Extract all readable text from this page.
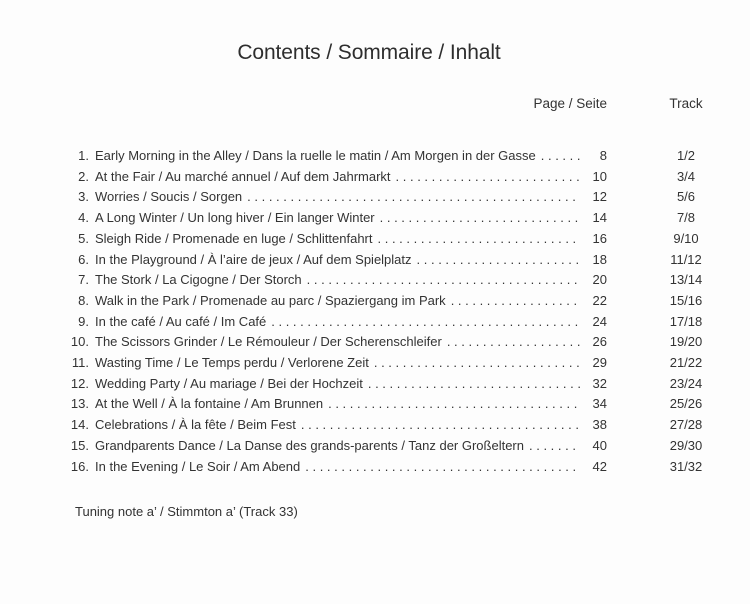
Contents / Sommaire / Inhalt
Page / Seite	Track
1. Early Morning in the Alley / Dans la ruelle le matin / Am Morgen in der Gasse . . .	8	1/2
2. At the Fair / Au marché annuel / Auf dem Jahrmarkt . . .	10	3/4
3. Worries / Soucis / Sorgen . . .	12	5/6
4. A Long Winter / Un long hiver / Ein langer Winter . . .	14	7/8
5. Sleigh Ride / Promenade en luge / Schlittenfahrt . . .	16	9/10
6. In the Playground / À l’aire de jeux / Auf dem Spielplatz . . .	18	11/12
7. The Stork / La Cigogne / Der Storch . . .	20	13/14
8. Walk in the Park / Promenade au parc / Spaziergang im Park . . .	22	15/16
9. In the café / Au café / Im Café . . .	24	17/18
10. The Scissors Grinder / Le Rémouleur / Der Scherenschleifer . . .	26	19/20
11. Wasting Time / Le Temps perdu / Verlorene Zeit . . .	29	21/22
12. Wedding Party / Au mariage / Bei der Hochzeit . . .	32	23/24
13. At the Well / À la fontaine / Am Brunnen . . .	34	25/26
14. Celebrations / À la fête / Beim Fest . . .	38	27/28
15. Grandparents Dance / La Danse des grands-parents / Tanz der Großeltern . . .	40	29/30
16. In the Evening / Le Soir / Am Abend . . .	42	31/32
Tuning note a’ / Stimmton a’ (Track 33)
